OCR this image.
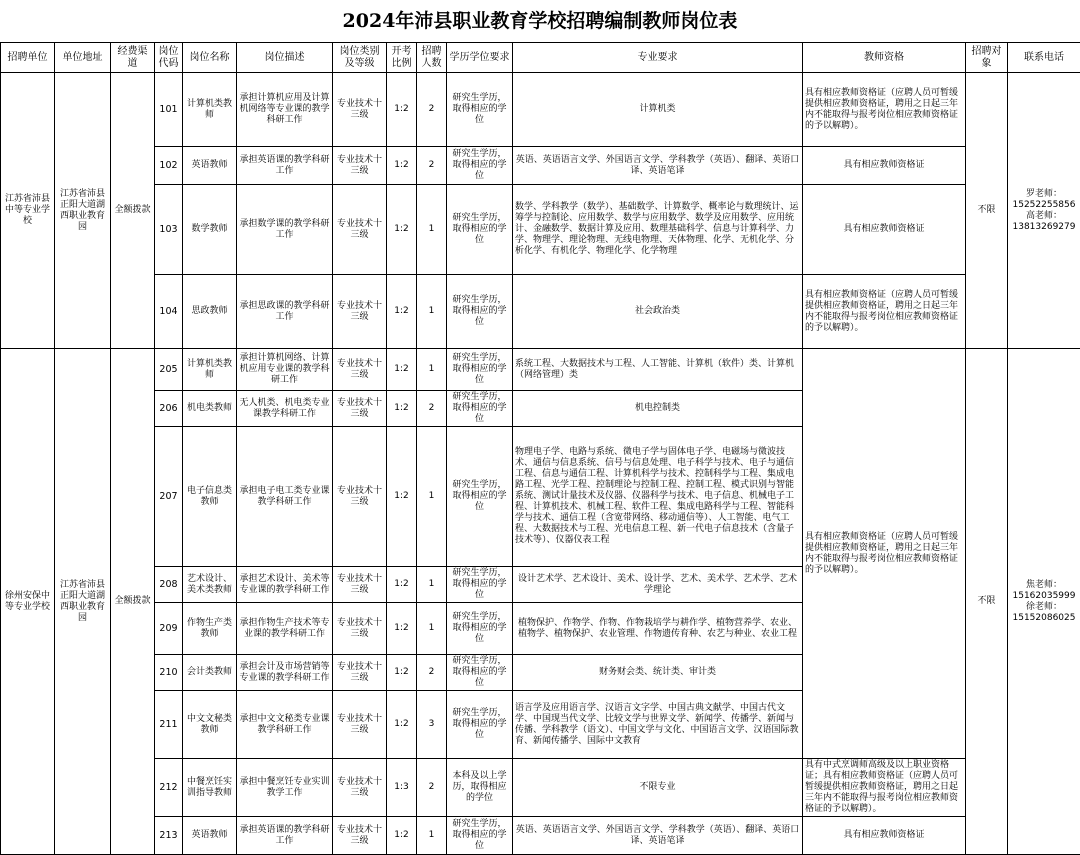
2024年沛县职业教育学校招聘编制教师岗位表
招聘单位	单位地址	经费渠道	岗位代码	岗位名称	岗位描述	岗位类别及等级	开考比例	招聘人数	学历学位要求	专业要求	教师资格	招聘对象	联系电话
江苏省沛县中等专业学校	江苏省沛县正阳大道湖西职业教育园	全额拨款	101	计算机类教师	承担计算机应用及计算机网络等专业课的教学科研工作	专业技术十三级	1:2	2	研究生学历，取得相应的学位	计算机类	具有相应教师资格证（应聘人员可暂缓提供相应教师资格证，聘用之日起三年内不能取得与报考岗位相应教师资格证的予以解聘）。	不限	罗老师：15252255856
高老师：13813269279
			102	英语教师	承担英语课的教学科研工作	专业技术十三级	1:2	2	研究生学历，取得相应的学位	英语、英语语言文学、外国语言文学、学科教学（英语）、翻译、英语口译、英语笔译	具有相应教师资格证		
			103	数学教师	承担数学课的教学科研工作	专业技术十三级	1:2	1	研究生学历，取得相应的学位	数学、学科教学（数学）、基础数学、计算数学、概率论与数理统计、运筹学与控制论、应用数学、数学与应用数学、数学及应用数学、应用统计、金融数学、数据计算及应用、数理基础科学、信息与计算科学、力学、物理学、理论物理、无线电物理、天体物理、化学、无机化学、分析化学、有机化学、物理化学、化学物理	具有相应教师资格证		
			104	思政教师	承担思政课的教学科研工作	专业技术十三级	1:2	1	研究生学历，取得相应的学位	社会政治类	具有相应教师资格证（应聘人员可暂缓提供相应教师资格证，聘用之日起三年内不能取得与报考岗位相应教师资格证的予以解聘）。		
徐州安保中等专业学校	江苏省沛县正阳大道湖西职业教育园	全额拨款	205	计算机类教师	承担计算机网络、计算机应用专业课的教学科研工作	专业技术十三级	1:2	1	研究生学历，取得相应的学位	系统工程、大数据技术与工程、人工智能、计算机（软件）类、计算机（网络管理）类	具有相应教师资格证（应聘人员可暂缓提供相应教师资格证，聘用之日起三年内不能取得与报考岗位相应教师资格证的予以解聘）。	不限	焦老师：15162035999
徐老师：15152086025
			206	机电类教师	无人机类、机电类专业课教学科研工作	专业技术十三级	1:2	2	研究生学历，取得相应的学位	机电控制类			
			207	电子信息类教师	承担电子电工类专业课教学科研工作	专业技术十三级	1:2	1	研究生学历，取得相应的学位	物理电子学、电路与系统、微电子学与固体电子学、电磁场与微波技术、通信与信息系统、信号与信息处理、电子科学与技术、电子与通信工程、信息与通信工程、计算机科学与技术、控制科学与工程、集成电路工程、光学工程、控制理论与控制工程、控制工程、模式识别与智能系统、测试计量技术及仪器、仪器科学与技术、电子信息、机械电子工程、计算机技术、机械工程、软件工程、集成电路科学与工程、智能科学与技术、通信工程（含宽带网络、移动通信等）、人工智能、电气工程、大数据技术与工程、光电信息工程、新一代电子信息技术（含量子技术等）、仪器仪表工程			
			208	艺术设计、美术类教师	承担艺术设计、美术等专业课的教学科研工作	专业技术十三级	1:2	1	研究生学历，取得相应的学位	设计艺术学、艺术设计、美术、设计学、艺术、美术学、艺术学、艺术学理论			
			209	作物生产类教师	承担作物生产技术等专业课的教学科研工作	专业技术十三级	1:2	1	研究生学历，取得相应的学位	植物保护、作物学、作物、作物栽培学与耕作学、植物营养学、农业、植物学、植物保护、农业管理、作物遗传育种、农艺与种业、农业工程			
			210	会计类教师	承担会计及市场营销等专业课的教学科研工作	专业技术十三级	1:2	2	研究生学历，取得相应的学位	财务财会类、统计类、审计类			
			211	中文文秘类教师	承担中文文秘类专业课教学科研工作	专业技术十三级	1:2	3	研究生学历，取得相应的学位	语言学及应用语言学、汉语言文字学、中国古典文献学、中国古代文学、中国现当代文学、比较文学与世界文学、新闻学、传播学、新闻与传播、学科教学（语文）、中国文学与文化、中国语言文学、汉语国际教育、新闻传播学、国际中文教育			
			212	中餐烹饪实训指导教师	承担中餐烹饪专业实训教学工作	专业技术十三级	1:3	2	本科及以上学历，取得相应的学位	不限专业	具有中式烹调师高级及以上职业资格证；具有相应教师资格证（应聘人员可暂缓提供相应教师资格证，聘用之日起三年内不能取得与报考岗位相应教师资格证的予以解聘）。		
			213	英语教师	承担英语课的教学科研工作	专业技术十三级	1:2	1	研究生学历，取得相应的学位	英语、英语语言文学、外国语言文学、学科教学（英语）、翻译、英语口译、英语笔译	具有相应教师资格证		
